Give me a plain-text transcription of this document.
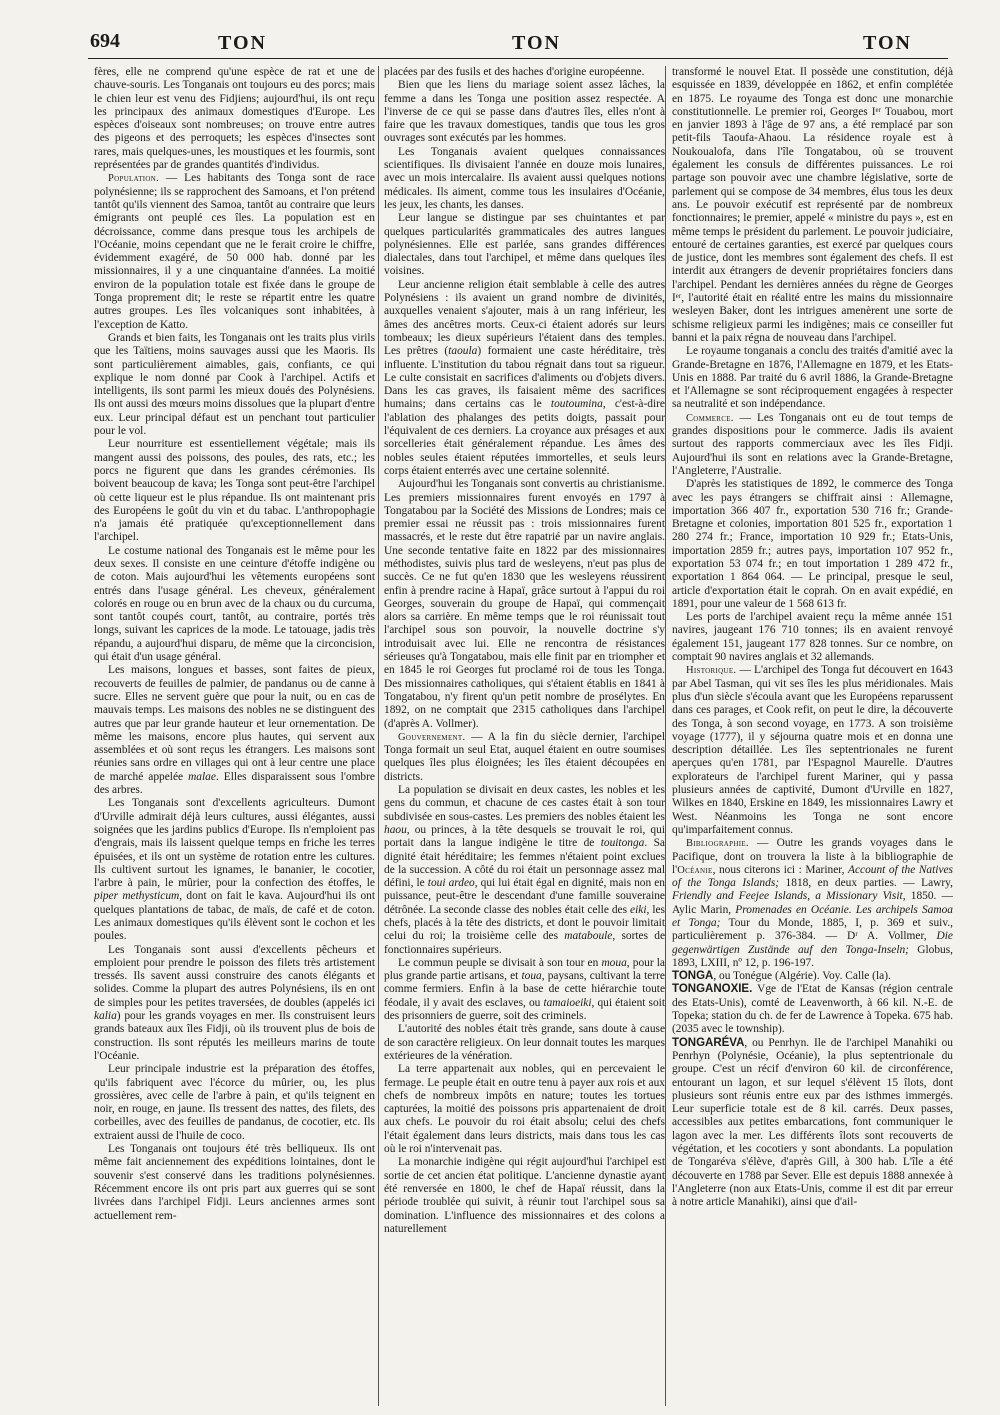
694	TON	TON	TON

fères, elle ne comprend qu'une espèce de rat et une de chauve-souris. Les Tonganais ont toujours eu des porcs; mais le chien leur est venu des Fidjiens; aujourd'hui, ils ont reçu les principaux des animaux domestiques d'Europe. Les espèces d'oiseaux sont nombreuses; on trouve entre autres des pigeons et des perroquets; les espèces d'insectes sont rares, mais quelques-unes, les moustiques et les fourmis, sont représentées par de grandes quantités d'individus.

Population. — Les habitants des Tonga sont de race polynésienne; ils se rapprochent des Samoans, et l'on prétend tantôt qu'ils viennent des Samoa, tantôt au contraire que leurs émigrants ont peuplé ces îles. La population est en décroissance, comme dans presque tous les archipels de l'Océanie, moins cependant que ne le ferait croire le chiffre, évidemment exagéré, de 50 000 hab. donné par les missionnaires, il y a une cinquantaine d'années. La moitié environ de la population totale est fixée dans le groupe de Tonga proprement dit; le reste se répartit entre les quatre autres groupes. Les îles volcaniques sont inhabitées, à l'exception de Katto.

Grands et bien faits, les Tonganais ont les traits plus virils que les Taïtiens, moins sauvages aussi que les Maoris. Ils sont particulièrement aimables, gais, confiants, ce qui explique le nom donné par Cook à l'archipel. Actifs et intelligents, ils sont parmi les mieux doués des Polynésiens. Ils ont aussi des mœurs moins dissolues que la plupart d'entre eux. Leur principal défaut est un penchant tout particulier pour le vol.

Leur nourriture est essentiellement végétale; mais ils mangent aussi des poissons, des poules, des rats, etc.; les porcs ne figurent que dans les grandes cérémonies. Ils boivent beaucoup de kava; les Tonga sont peut-être l'archipel où cette liqueur est le plus répandue. Ils ont maintenant pris des Européens le goût du vin et du tabac. L'anthropophagie n'a jamais été pratiquée qu'exceptionnellement dans l'archipel.

Le costume national des Tonganais est le même pour les deux sexes. Il consiste en une ceinture d'étoffe indigène ou de coton. Mais aujourd'hui les vêtements européens sont entrés dans l'usage général. Les cheveux, généralement colorés en rouge ou en brun avec de la chaux ou du curcuma, sont tantôt coupés court, tantôt, au contraire, portés très longs, suivant les caprices de la mode. Le tatouage, jadis très répandu, a aujourd'hui disparu, de même que la circoncision, qui était d'un usage général.

Les maisons, longues et basses, sont faites de pieux, recouverts de feuilles de palmier, de pandanus ou de canne à sucre. Elles ne servent guère que pour la nuit, ou en cas de mauvais temps. Les maisons des nobles ne se distinguent des autres que par leur grande hauteur et leur ornementation. De même les maisons, encore plus hautes, qui servent aux assemblées et où sont reçus les étrangers. Les maisons sont réunies sans ordre en villages qui ont à leur centre une place de marché appelée malae. Elles disparaissent sous l'ombre des arbres.

Les Tonganais sont d'excellents agriculteurs. Dumont d'Urville admirait déjà leurs cultures, aussi élégantes, aussi soignées que les jardins publics d'Europe. Ils n'emploient pas d'engrais, mais ils laissent quelque temps en friche les terres épuisées, et ils ont un système de rotation entre les cultures. Ils cultivent surtout les ignames, le bananier, le cocotier, l'arbre à pain, le mûrier, pour la confection des étoffes, le piper methysticum, dont on fait le kava. Aujourd'hui ils ont quelques plantations de tabac, de maïs, de café et de coton. Les animaux domestiques qu'ils élèvent sont le cochon et les poules.

Les Tonganais sont aussi d'excellents pêcheurs et emploient pour prendre le poisson des filets très artistement tressés. Ils savent aussi construire des canots élégants et solides. Comme la plupart des autres Polynésiens, ils en ont de simples pour les petites traversées, de doubles (appelés ici kalia) pour les grands voyages en mer. Ils construisent leurs grands bateaux aux îles Fidji, où ils trouvent plus de bois de construction. Ils sont réputés les meilleurs marins de toute l'Océanie.

Leur principale industrie est la préparation des étoffes, qu'ils fabriquent avec l'écorce du mûrier, ou, les plus grossières, avec celle de l'arbre à pain, et qu'ils teignent en noir, en rouge, en jaune. Ils tressent des nattes, des filets, des corbeilles, avec des feuilles de pandanus, de cocotier, etc. Ils extraient aussi de l'huile de coco.

Les Tonganais ont toujours été très belliqueux. Ils ont même fait anciennement des expéditions lointaines, dont le souvenir s'est conservé dans les traditions polynésiennes. Récemment encore ils ont pris part aux guerres qui se sont livrées dans l'archipel Fidji. Leurs anciennes armes sont actuellement rem-

placées par des fusils et des haches d'origine européenne.

Bien que les liens du mariage soient assez lâches, la femme a dans les Tonga une position assez respectée. A l'inverse de ce qui se passe dans d'autres îles, elles n'ont à faire que les travaux domestiques, tandis que tous les gros ouvrages sont exécutés par les hommes.

Les Tonganais avaient quelques connaissances scientifiques. Ils divisaient l'année en douze mois lunaires, avec un mois intercalaire. Ils avaient aussi quelques notions médicales. Ils aiment, comme tous les insulaires d'Océanie, les jeux, les chants, les danses.

Leur langue se distingue par ses chuintantes et par quelques particularités grammaticales des autres langues polynésiennes. Elle est parlée, sans grandes différences dialectales, dans tout l'archipel, et même dans quelques îles voisines.

Leur ancienne religion était semblable à celle des autres Polynésiens : ils avaient un grand nombre de divinités, auxquelles venaient s'ajouter, mais à un rang inférieur, les âmes des ancêtres morts. Ceux-ci étaient adorés sur leurs tombeaux; les dieux supérieurs l'étaient dans des temples. Les prêtres (taoula) formaient une caste héréditaire, très influente. L'institution du tabou régnait dans tout sa rigueur. Le culte consistait en sacrifices d'aliments ou d'objets divers. Dans les cas graves, ils faisaient même des sacrifices humains; dans certains cas le toutoumina, c'est-à-dire l'ablation des phalanges des petits doigts, passait pour l'équivalent de ces derniers. La croyance aux présages et aux sorcelleries était généralement répandue. Les âmes des nobles seules étaient réputées immortelles, et seuls leurs corps étaient enterrés avec une certaine solennité.

Aujourd'hui les Tonganais sont convertis au christianisme. Les premiers missionnaires furent envoyés en 1797 à Tongatabou par la Société des Missions de Londres; mais ce premier essai ne réussit pas : trois missionnaires furent massacrés, et le reste dut être rapatrié par un navire anglais. Une seconde tentative faite en 1822 par des missionnaires méthodistes, suivis plus tard de wesleyens, n'eut pas plus de succès. Ce ne fut qu'en 1830 que les wesleyens réussirent enfin à prendre racine à Hapaï, grâce surtout à l'appui du roi Georges, souverain du groupe de Hapaï, qui commençait alors sa carrière. En même temps que le roi réunissait tout l'archipel sous son pouvoir, la nouvelle doctrine s'y introduisait avec lui. Elle ne rencontra de résistances sérieuses qu'à Tongatabou, mais elle finit par en triompher et en 1845 le roi Georges fut proclamé roi de tous les Tonga. Des missionnaires catholiques, qui s'étaient établis en 1841 à Tongatabou, n'y firent qu'un petit nombre de prosélytes. En 1892, on ne comptait que 2315 catholiques dans l'archipel (d'après A. Vollmer).

Gouvernement. — A la fin du siècle dernier, l'archipel Tonga formait un seul Etat, auquel étaient en outre soumises quelques îles plus éloignées; les îles étaient découpées en districts.

La population se divisait en deux castes, les nobles et les gens du commun, et chacune de ces castes était à son tour subdivisée en sous-castes. Les premiers des nobles étaient les haou, ou princes, à la tête desquels se trouvait le roi, qui portait dans la langue indigène le titre de touitonga. Sa dignité était héréditaire; les femmes n'étaient point exclues de la succession. A côté du roi était un personnage assez mal défini, le toui ardeo, qui lui était égal en dignité, mais non en puissance, peut-être le descendant d'une famille souveraine détrônée. La seconde classe des nobles était celle des eiki, les chefs, placés à la tête des districts, et dont le pouvoir limitait celui du roi; la troisième celle des mataboule, sortes de fonctionnaires supérieurs.

Le commun peuple se divisait à son tour en moua, pour la plus grande partie artisans, et toua, paysans, cultivant la terre comme fermiers. Enfin à la base de cette hiérarchie toute féodale, il y avait des esclaves, ou tamaioeiki, qui étaient soit des prisonniers de guerre, soit des criminels.

L'autorité des nobles était très grande, sans doute à cause de son caractère religieux. On leur donnait toutes les marques extérieures de la vénération.

La terre appartenait aux nobles, qui en percevaient le fermage. Le peuple était en outre tenu à payer aux rois et aux chefs de nombreux impôts en nature; toutes les tortues capturées, la moitié des poissons pris appartenaient de droit aux chefs. Le pouvoir du roi était absolu; celui des chefs l'était également dans leurs districts, mais dans tous les cas où le roi n'intervenait pas.

La monarchie indigène qui régit aujourd'hui l'archipel est sortie de cet ancien état politique. L'ancienne dynastie ayant été renversée en 1800, le chef de Hapaï réussit, dans la période troublée qui suivit, à réunir tout l'archipel sous sa domination. L'influence des missionnaires et des colons a naturellement

transformé le nouvel Etat. Il possède une constitution, déjà esquissée en 1839, développée en 1862, et enfin complétée en 1875. Le royaume des Tonga est donc une monarchie constitutionnelle. Le premier roi, Georges Iᵉʳ Touabou, mort en janvier 1893 à l'âge de 97 ans, a été remplacé par son petit-fils Taoufa-Ahaou. La résidence royale est à Noukoualofa, dans l'île Tongatabou, où se trouvent également les consuls de différentes puissances. Le roi partage son pouvoir avec une chambre législative, sorte de parlement qui se compose de 34 membres, élus tous les deux ans. Le pouvoir exécutif est représenté par de nombreux fonctionnaires; le premier, appelé « ministre du pays », est en même temps le président du parlement. Le pouvoir judiciaire, entouré de certaines garanties, est exercé par quelques cours de justice, dont les membres sont également des chefs. Il est interdit aux étrangers de devenir propriétaires fonciers dans l'archipel. Pendant les dernières années du règne de Georges Iᵉʳ, l'autorité était en réalité entre les mains du missionnaire wesleyen Baker, dont les intrigues amenèrent une sorte de schisme religieux parmi les indigènes; mais ce conseiller fut banni et la paix régna de nouveau dans l'archipel.

Le royaume tonganais a conclu des traités d'amitié avec la Grande-Bretagne en 1876, l'Allemagne en 1879, et les Etats-Unis en 1888. Par traité du 6 avril 1886, la Grande-Bretagne et l'Allemagne se sont réciproquement engagées à respecter sa neutralité et son indépendance.

Commerce. — Les Tonganais ont eu de tout temps de grandes dispositions pour le commerce. Jadis ils avaient surtout des rapports commerciaux avec les îles Fidji. Aujourd'hui ils sont en relations avec la Grande-Bretagne, l'Angleterre, l'Australie.

D'après les statistiques de 1892, le commerce des Tonga avec les pays étrangers se chiffrait ainsi : Allemagne, importation 366 407 fr., exportation 530 716 fr.; Grande-Bretagne et colonies, importation 801 525 fr., exportation 1 280 274 fr.; France, importation 10 929 fr.; Etats-Unis, importation 2859 fr.; autres pays, importation 107 952 fr., exportation 53 074 fr.; en tout importation 1 289 472 fr., exportation 1 864 064. — Le principal, presque le seul, article d'exportation était le coprah. On en avait expédié, en 1891, pour une valeur de 1 568 613 fr.

Les ports de l'archipel avaient reçu la même année 151 navires, jaugeant 176 710 tonnes; ils en avaient renvoyé également 151, jaugeant 177 828 tonnes. Sur ce nombre, on comptait 90 navires anglais et 32 allemands.

Historique. — L'archipel des Tonga fut découvert en 1643 par Abel Tasman, qui vit ses îles les plus méridionales. Mais plus d'un siècle s'écoula avant que les Européens reparussent dans ces parages, et Cook refit, on peut le dire, la découverte des Tonga, à son second voyage, en 1773. A son troisième voyage (1777), il y séjourna quatre mois et en donna une description détaillée. Les îles septentrionales ne furent aperçues qu'en 1781, par l'Espagnol Maurelle. D'autres explorateurs de l'archipel furent Mariner, qui y passa plusieurs années de captivité, Dumont d'Urville en 1827, Wilkes en 1840, Erskine en 1849, les missionnaires Lawry et West. Néanmoins les Tonga ne sont encore qu'imparfaitement connus.

Bibliographie. — Outre les grands voyages dans le Pacifique, dont on trouvera la liste à la bibliographie de l'Océanie, nous citerons ici : Mariner, Account of the Natives of the Tonga Islands; 1818, en deux parties. — Lawry, Friendly and Feejee Islands, a Missionary Visit, 1850. — Aylic Marin, Promenades en Océanie. Les archipels Samoa et Tonga; Tour du Monde, 1885, I, p. 369 et suiv., particulièrement p. 376-384. — Dʳ A. Vollmer, Die gegenwärtigen Zustände auf den Tonga-Inseln; Globus, 1893, LXIII, nº 12, p. 196-197.

TONGA, ou Tonégue (Algérie). Voy. Calle (la).

TONGANOXIE. Vge de l'Etat de Kansas (région centrale des Etats-Unis), comté de Leavenworth, à 66 kil. N.-E. de Topeka; station du ch. de fer de Lawrence à Topeka. 675 hab. (2035 avec le township).

TONGARÉVA, ou Penrhyn. Ile de l'archipel Manahiki ou Penrhyn (Polynésie, Océanie), la plus septentrionale du groupe. C'est un récif d'environ 60 kil. de circonférence, entourant un lagon, et sur lequel s'élèvent 15 îlots, dont plusieurs sont réunis entre eux par des isthmes immergés. Leur superficie totale est de 8 kil. carrés. Deux passes, accessibles aux petites embarcations, font communiquer le lagon avec la mer. Les différents îlots sont recouverts de végétation, et les cocotiers y sont abondants. La population de Tongaréva s'élève, d'après Gill, à 300 hab. L'île a été découverte en 1788 par Sever. Elle est depuis 1888 annexée à l'Angleterre (non aux Etats-Unis, comme il est dit par erreur à notre article Manahiki), ainsi que d'ail-
